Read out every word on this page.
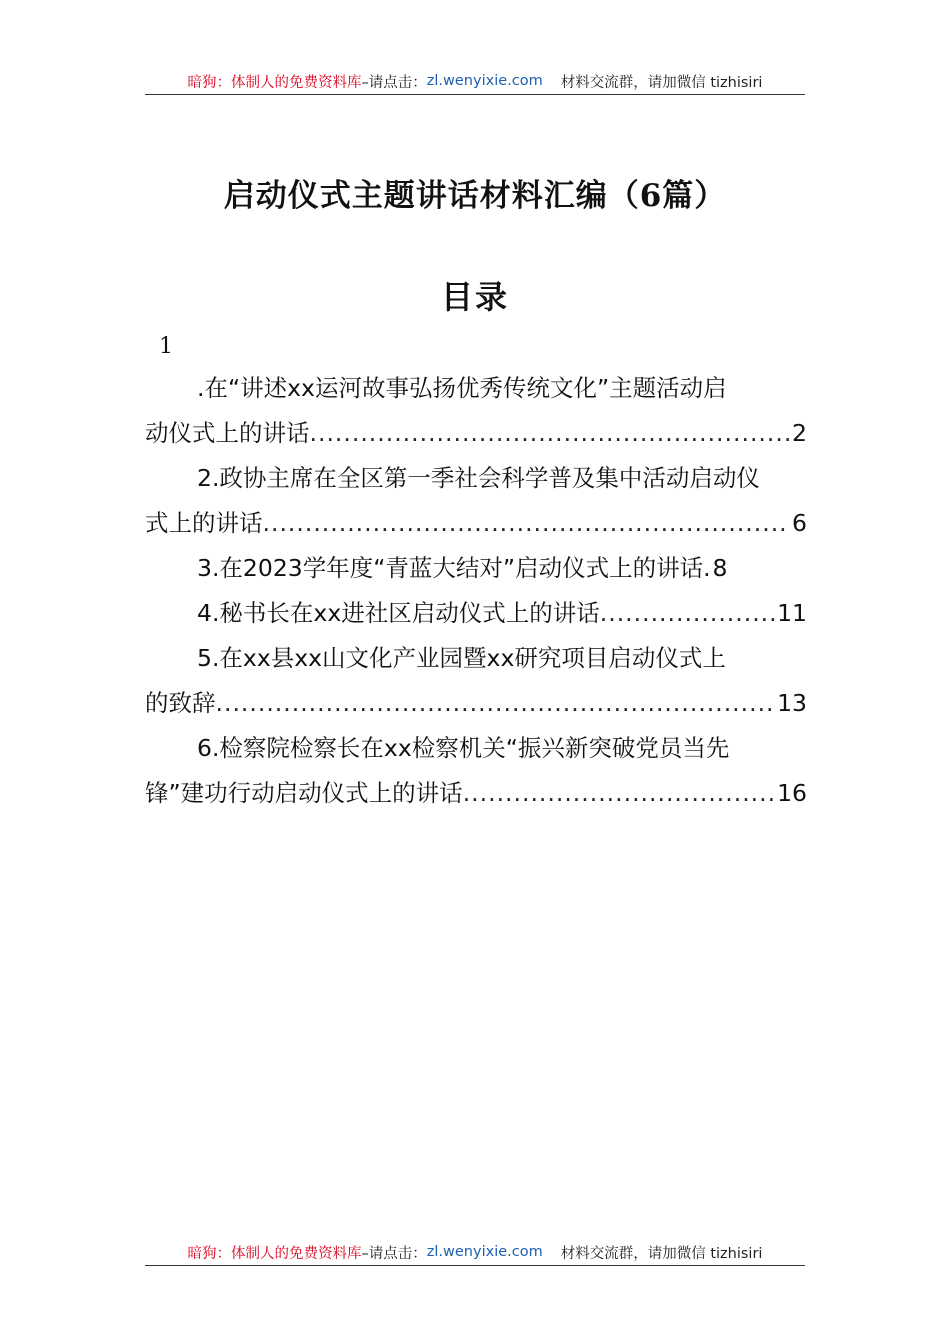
暗狗：体制人的免费资料库 –请点击： zl.wenyixie.com 材料交流群，请加微信 tizhisiri
启动仪式主题讲话材料汇编（6篇）
目录
1
.在“讲述xx运河故事弘扬优秀传统文化”主题活动启
动仪式上的讲话 .....	2
2.政协主席在全区第一季社会科学普及集中活动启动仪
式上的讲话 .....	6
3.在2023学年度“青蓝大结对”启动仪式上的讲话. 8
4.秘书长在xx进社区启动仪式上的讲话 .....	11
5.在xx县xx山文化产业园暨xx研究项目启动仪式上
的致辞 .....	13
6.检察院检察长在xx检察机关“振兴新突破党员当先
锋”建功行动启动仪式上的讲话 .....	16
暗狗：体制人的免费资料库 –请点击： zl.wenyixie.com 材料交流群，请加微信 tizhisiri
